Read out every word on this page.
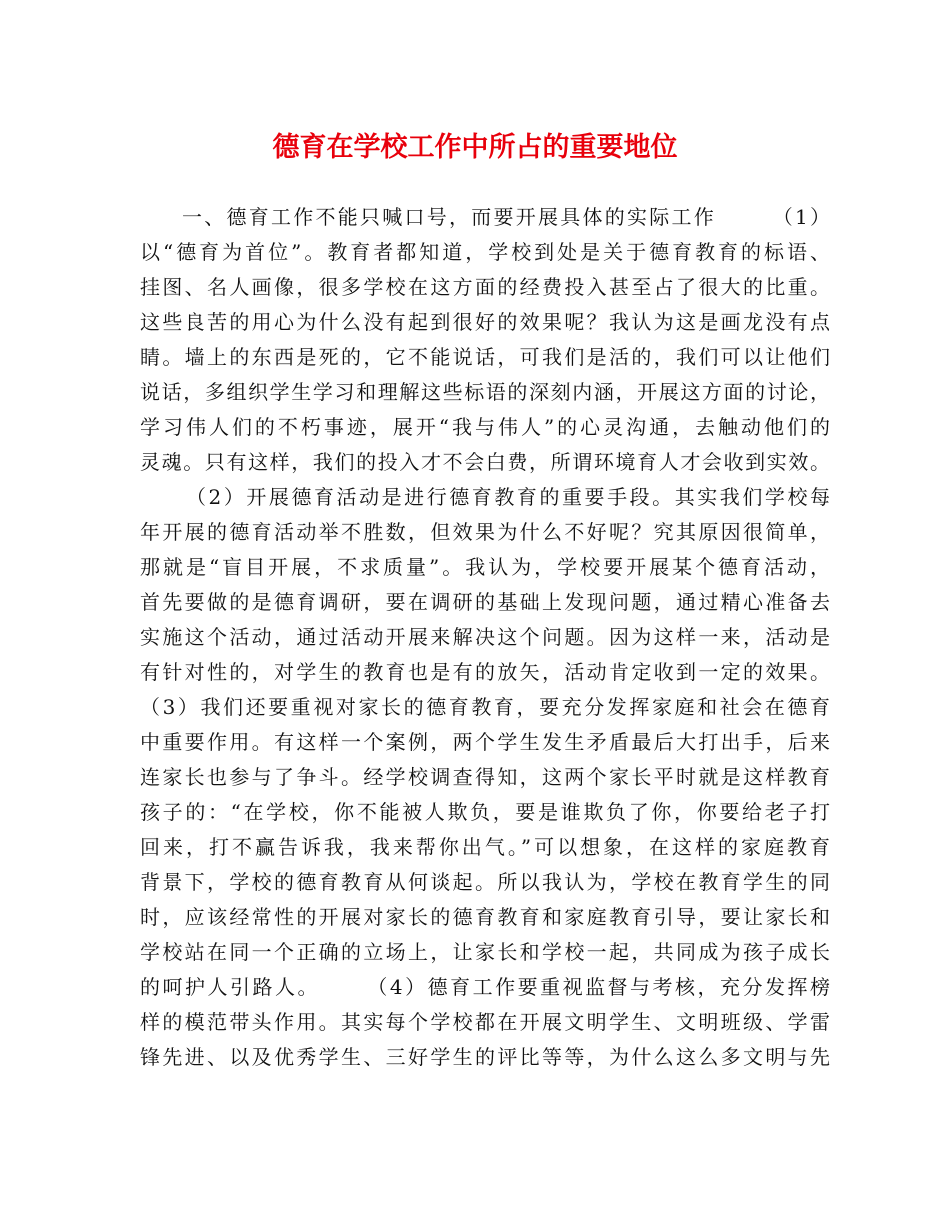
德育在学校工作中所占的重要地位
一、德育工作不能只喊口号，而要开展具体的实际工作　　　（1）
以“德育为首位”。教育者都知道，学校到处是关于德育教育的标语、
挂图、名人画像，很多学校在这方面的经费投入甚至占了很大的比重。
这些良苦的用心为什么没有起到很好的效果呢？我认为这是画龙没有点
睛。墙上的东西是死的，它不能说话，可我们是活的，我们可以让他们
说话，多组织学生学习和理解这些标语的深刻内涵，开展这方面的讨论，
学习伟人们的不朽事迹，展开“我与伟人”的心灵沟通，去触动他们的
灵魂。只有这样，我们的投入才不会白费，所谓环境育人才会收到实效。
（2）开展德育活动是进行德育教育的重要手段。其实我们学校每
年开展的德育活动举不胜数，但效果为什么不好呢？究其原因很简单，
那就是“盲目开展，不求质量”。我认为，学校要开展某个德育活动，
首先要做的是德育调研，要在调研的基础上发现问题，通过精心准备去
实施这个活动，通过活动开展来解决这个问题。因为这样一来，活动是
有针对性的，对学生的教育也是有的放矢，活动肯定收到一定的效果。
（3）我们还要重视对家长的德育教育，要充分发挥家庭和社会在德育
中重要作用。有这样一个案例，两个学生发生矛盾最后大打出手，后来
连家长也参与了争斗。经学校调查得知，这两个家长平时就是这样教育
孩子的：“在学校，你不能被人欺负，要是谁欺负了你，你要给老子打
回来，打不赢告诉我，我来帮你出气。”可以想象，在这样的家庭教育
背景下，学校的德育教育从何谈起。所以我认为，学校在教育学生的同
时，应该经常性的开展对家长的德育教育和家庭教育引导，要让家长和
学校站在同一个正确的立场上，让家长和学校一起，共同成为孩子成长
的呵护人引路人。　　　（4）德育工作要重视监督与考核，充分发挥榜
样的模范带头作用。其实每个学校都在开展文明学生、文明班级、学雷
锋先进、以及优秀学生、三好学生的评比等等，为什么这么多文明与先
